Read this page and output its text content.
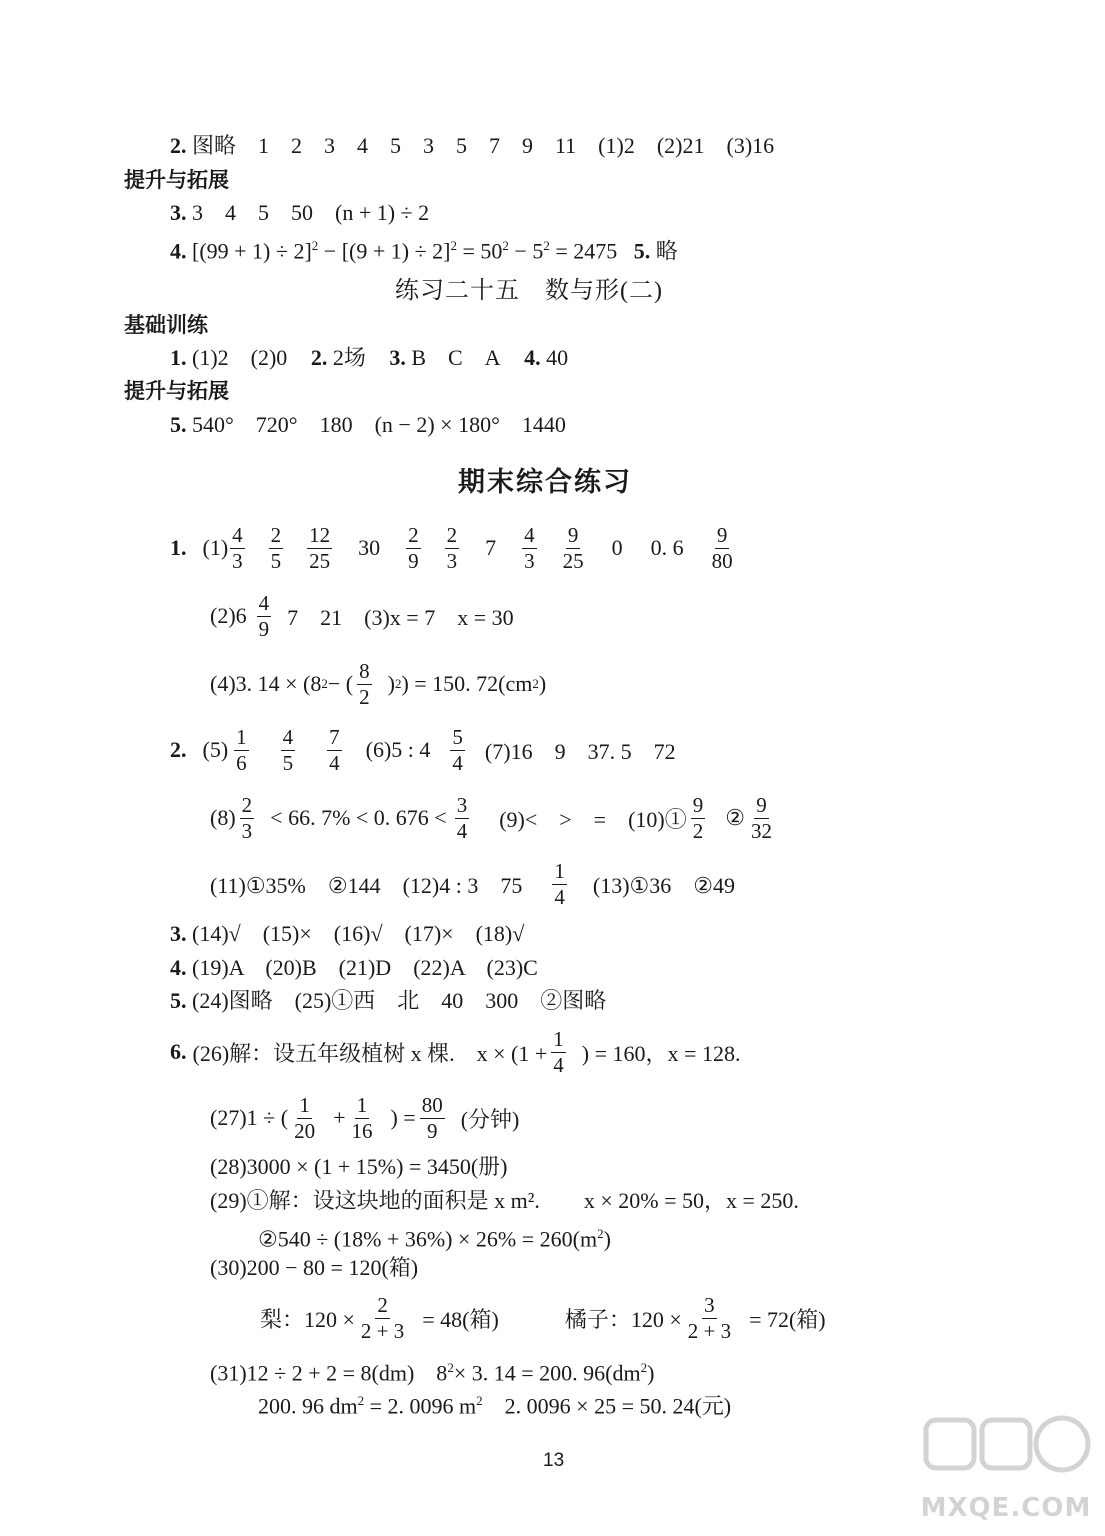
2. 图略　1　2　3　4　5　3　5　7　9　11　(1)2　(2)21　(3)16
提升与拓展
3. 3　4　5　50　(n + 1) ÷ 2
4. $[(99 + 1) \div 2]^2 - [(9 + 1) \div 2]^2 = 50^2 - 5^2 = 2475$ 5. 略
练习二十五　数与形(二)
基础训练
1. (1)2　(2)0 2. 2场 3. B　C　A 4. 40
提升与拓展
5. 540°　720°　180　(n − 2) × 180°　1440
期末综合练习
1. $(1) \frac{4}{3} \frac{2}{5} \frac{12}{25} 30 \frac{2}{9} \frac{2}{3} 7 \frac{4}{3} \frac{9}{25} 0$ 0. $6 \frac{9}{80}$
$(2)6 \frac{4}{9} 7$　21　(3)x = 7　x = 30
(4)3. 14 × (8 2 − ( $\frac{8}{2}$ ) 2 ) = 150. 72(cm 2 )
2. $(5) \frac{1}{6} \frac{4}{5} \frac{7}{4} (6)5$ : $4 \frac{5}{4} (7)16$　9　37. 5　72
$(8) \frac{2}{3} < 66$. 7% < 0. $676 < \frac{3}{4} (9)<$　>　=　(10)① $\frac{9}{2}$ ② $\frac{9}{32}$
(11)①35%　②144　(12)4 : 3　$75 \frac{1}{4}$ (13)①36　②49
3. (14)√　(15)×　(16)√　(17)×　(18)√
4. (19)A　(20)B　(21)D　(22)A　(23)C
5. (24)图略　(25)①西　北　40　300　②图略
6. (26)解：设五年级植树 x 棵.　$x \times (1 + \frac{1}{4}$ ) = 160，x = 128.
(27)1 ÷ ( $\frac{1}{20} + \frac{1}{16}$ ) = $\frac{80}{9}$ (分钟)
(28)3000 × (1 + 15%) = 3450(册)
(29)①解：设这块地的面积是 x m².　　x × 20% = 50，x = 250.
②540 ÷ $(18\% + 36\%) \times 26\% = 260(m^2)$
(30)200 − 80 = 120(箱)
梨：$120 \times \frac{2}{2 + 3} = 48$(箱)　　　橘子：$120 \times \frac{3}{2 + 3} = 72$(箱)
(31)12 ÷ 2 + 2 = 8(dm)　$8^2\times 3$. 14 = 200. $96(dm^2)$
200. 96 $dm^2 = 2$. 0096 $m^2$　2. 0096 × 25 = 50. 24(元)
13
MXQE.COM
